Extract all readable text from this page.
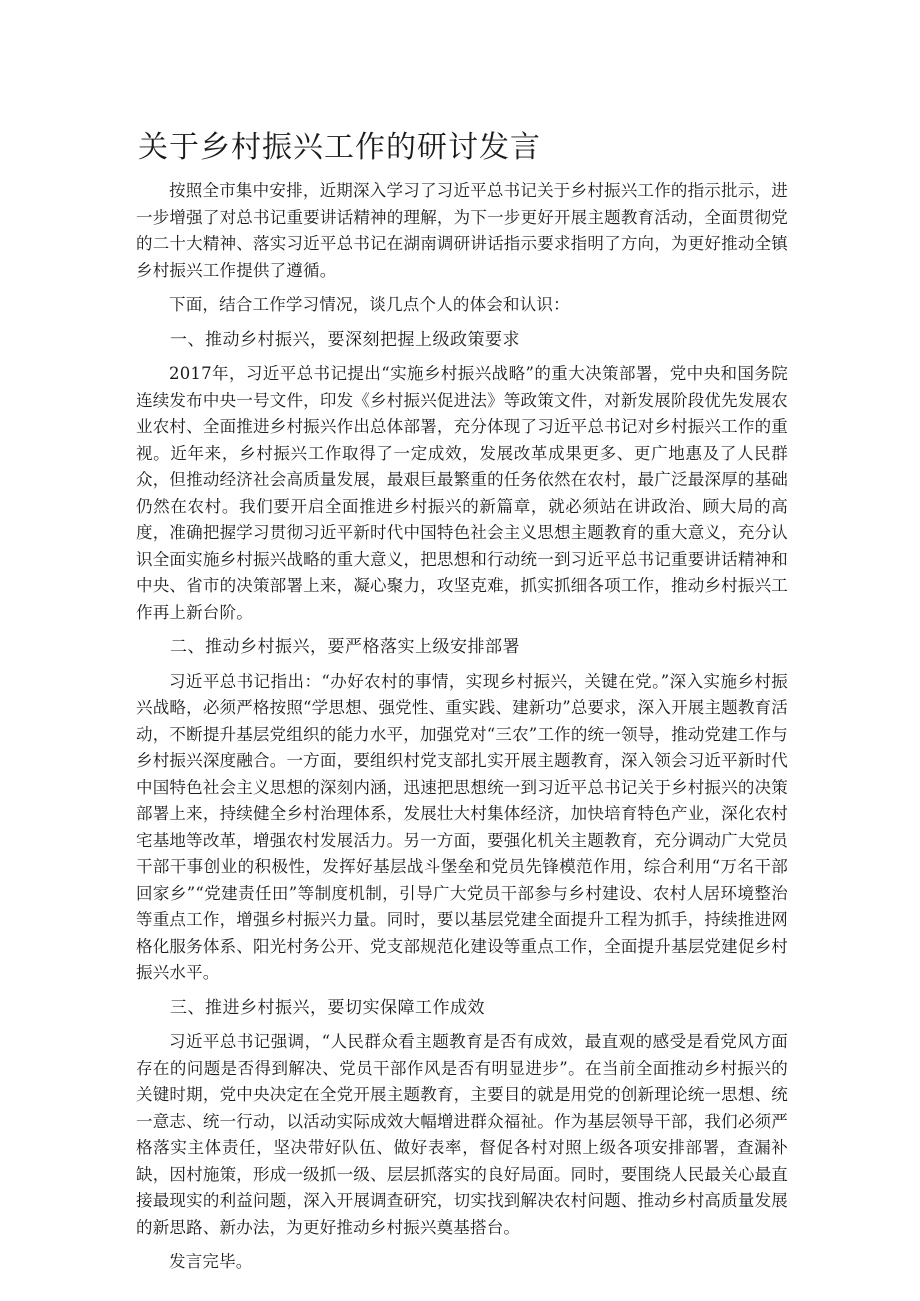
关于乡村振兴工作的研讨发言

按照全市集中安排，近期深入学习了习近平总书记关于乡村振兴工作的指示批示，进一步增强了对总书记重要讲话精神的理解，为下一步更好开展主题教育活动，全面贯彻党的二十大精神、落实习近平总书记在湖南调研讲话指示要求指明了方向，为更好推动全镇乡村振兴工作提供了遵循。

下面，结合工作学习情况，谈几点个人的体会和认识：

一、推动乡村振兴，要深刻把握上级政策要求

2017年，习近平总书记提出“实施乡村振兴战略”的重大决策部署，党中央和国务院连续发布中央一号文件，印发《乡村振兴促进法》等政策文件，对新发展阶段优先发展农业农村、全面推进乡村振兴作出总体部署，充分体现了习近平总书记对乡村振兴工作的重视。近年来，乡村振兴工作取得了一定成效，发展改革成果更多、更广地惠及了人民群众，但推动经济社会高质量发展，最艰巨最繁重的任务依然在农村，最广泛最深厚的基础仍然在农村。我们要开启全面推进乡村振兴的新篇章，就必须站在讲政治、顾大局的高度，准确把握学习贯彻习近平新时代中国特色社会主义思想主题教育的重大意义，充分认识全面实施乡村振兴战略的重大意义，把思想和行动统一到习近平总书记重要讲话精神和中央、省市的决策部署上来，凝心聚力，攻坚克难，抓实抓细各项工作，推动乡村振兴工作再上新台阶。

二、推动乡村振兴，要严格落实上级安排部署

习近平总书记指出：“办好农村的事情，实现乡村振兴，关键在党。”深入实施乡村振兴战略，必须严格按照“学思想、强党性、重实践、建新功”总要求，深入开展主题教育活动，不断提升基层党组织的能力水平，加强党对“三农”工作的统一领导，推动党建工作与乡村振兴深度融合。一方面，要组织村党支部扎实开展主题教育，深入领会习近平新时代中国特色社会主义思想的深刻内涵，迅速把思想统一到习近平总书记关于乡村振兴的决策部署上来，持续健全乡村治理体系，发展壮大村集体经济，加快培育特色产业，深化农村宅基地等改革，增强农村发展活力。另一方面，要强化机关主题教育，充分调动广大党员干部干事创业的积极性，发挥好基层战斗堡垒和党员先锋模范作用，综合利用“万名干部回家乡”“党建责任田”等制度机制，引导广大党员干部参与乡村建设、农村人居环境整治等重点工作，增强乡村振兴力量。同时，要以基层党建全面提升工程为抓手，持续推进网格化服务体系、阳光村务公开、党支部规范化建设等重点工作，全面提升基层党建促乡村振兴水平。

三、推进乡村振兴，要切实保障工作成效

习近平总书记强调，“人民群众看主题教育是否有成效，最直观的感受是看党风方面存在的问题是否得到解决、党员干部作风是否有明显进步”。在当前全面推动乡村振兴的关键时期，党中央决定在全党开展主题教育，主要目的就是用党的创新理论统一思想、统一意志、统一行动，以活动实际成效大幅增进群众福祉。作为基层领导干部，我们必须严格落实主体责任，坚决带好队伍、做好表率，督促各村对照上级各项安排部署，查漏补缺，因村施策，形成一级抓一级、层层抓落实的良好局面。同时，要围绕人民最关心最直接最现实的利益问题，深入开展调查研究，切实找到解决农村问题、推动乡村高质量发展的新思路、新办法，为更好推动乡村振兴奠基搭台。

发言完毕。
